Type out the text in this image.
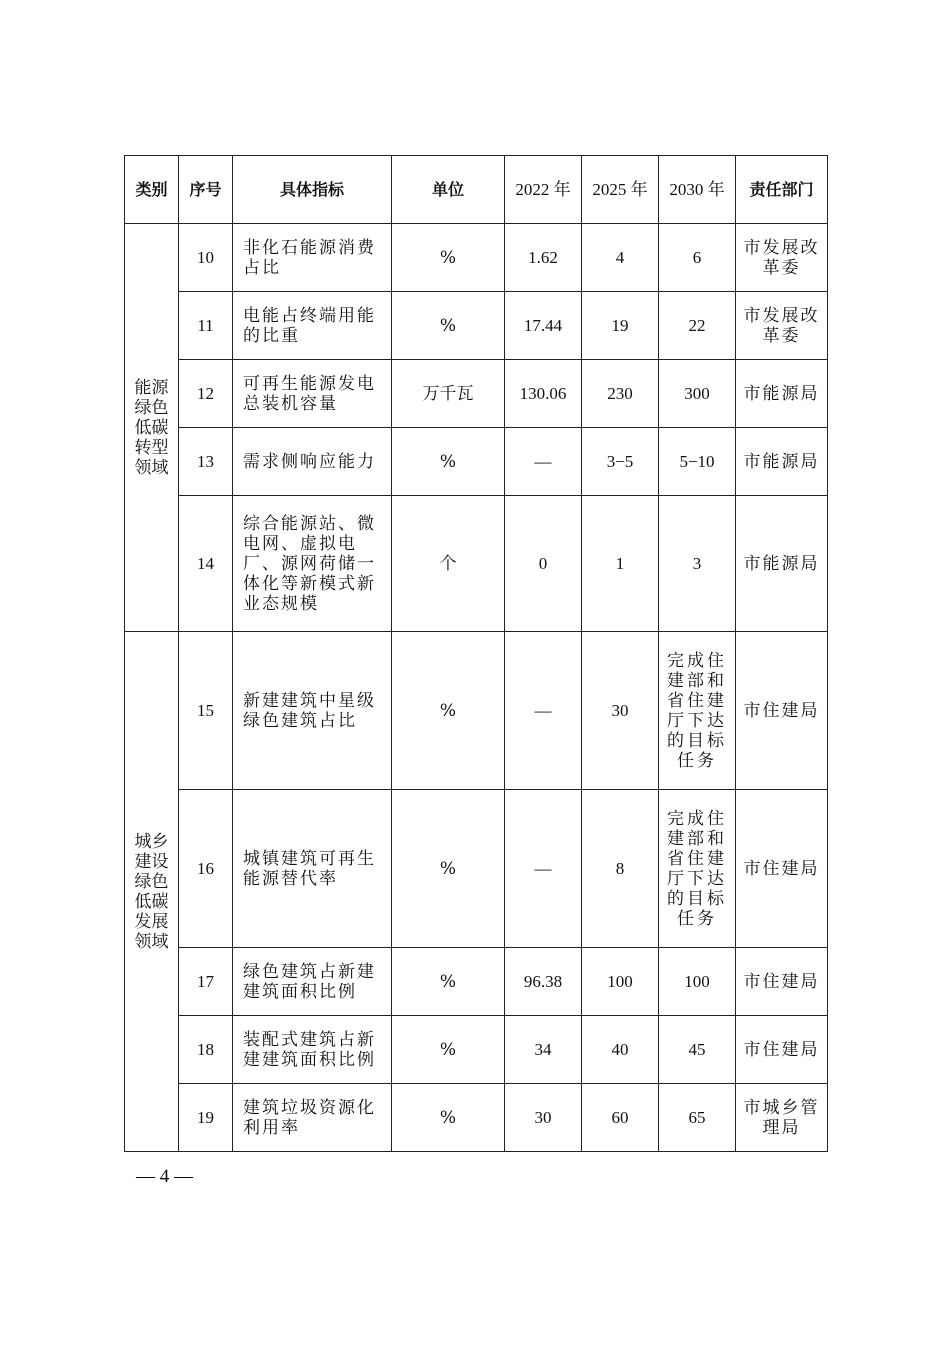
类别	序号	具体指标	单位	2022 年	2025 年	2030 年	责任部门
能源绿色低碳转型领域	10	非化石能源消费占比	%	1.62	4	6	市发展改革委
	11	电能占终端用能的比重	%	17.44	19	22	市发展改革委
	12	可再生能源发电总装机容量	万千瓦	130.06	230	300	市能源局
	13	需求侧响应能力	%	—	3−5	5−10	市能源局
	14	综合能源站、微电网、虚拟电厂、源网荷储一体化等新模式新业态规模	个	0	1	3	市能源局
城乡建设绿色低碳发展领域	15	新建建筑中星级绿色建筑占比	%	—	30	完成住建部和省住建厅下达的目标任务	市住建局
	16	城镇建筑可再生能源替代率	%	—	8	完成住建部和省住建厅下达的目标任务	市住建局
	17	绿色建筑占新建建筑面积比例	%	96.38	100	100	市住建局
	18	装配式建筑占新建建筑面积比例	%	34	40	45	市住建局
	19	建筑垃圾资源化利用率	%	30	60	65	市城乡管理局
— 4 —
